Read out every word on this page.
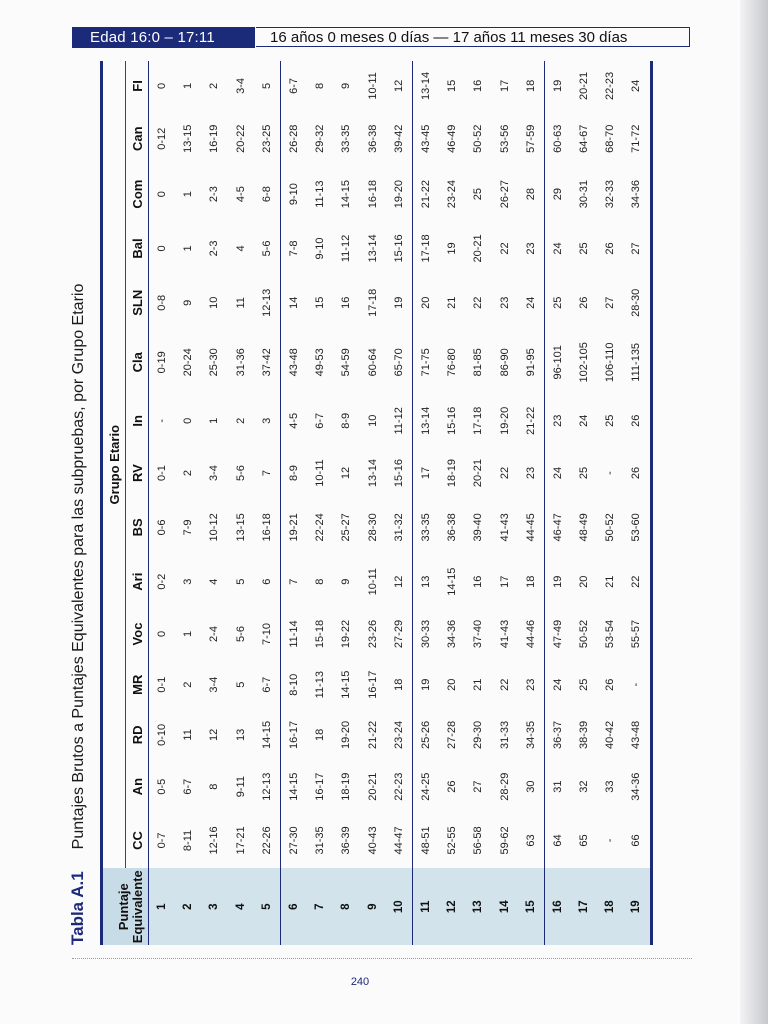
Edad 16:0 – 17:11	16 años 0 meses 0 días — 17 años 11 meses 30 días
Tabla A.1Puntajes Brutos a Puntajes Equivalentes para las subpruebas, por Grupo Etario
Puntaje Equivalente	Grupo Etario														
	CC	An	RD	MR	Voc	Ari	BS	RV	In	Cla	SLN	Bal	Com	Can	FI
1	0-7	0-5	0-10	0-1	0	0-2	0-6	0-1	-	0-19	0-8	0	0	0-12	0
2	8-11	6-7	11	2	1	3	7-9	2	0	20-24	9	1	1	13-15	1
3	12-16	8	12	3-4	2-4	4	10-12	3-4	1	25-30	10	2-3	2-3	16-19	2
4	17-21	9-11	13	5	5-6	5	13-15	5-6	2	31-36	11	4	4-5	20-22	3-4
5	22-26	12-13	14-15	6-7	7-10	6	16-18	7	3	37-42	12-13	5-6	6-8	23-25	5
6	27-30	14-15	16-17	8-10	11-14	7	19-21	8-9	4-5	43-48	14	7-8	9-10	26-28	6-7
7	31-35	16-17	18	11-13	15-18	8	22-24	10-11	6-7	49-53	15	9-10	11-13	29-32	8
8	36-39	18-19	19-20	14-15	19-22	9	25-27	12	8-9	54-59	16	11-12	14-15	33-35	9
9	40-43	20-21	21-22	16-17	23-26	10-11	28-30	13-14	10	60-64	17-18	13-14	16-18	36-38	10-11
10	44-47	22-23	23-24	18	27-29	12	31-32	15-16	11-12	65-70	19	15-16	19-20	39-42	12
11	48-51	24-25	25-26	19	30-33	13	33-35	17	13-14	71-75	20	17-18	21-22	43-45	13-14
12	52-55	26	27-28	20	34-36	14-15	36-38	18-19	15-16	76-80	21	19	23-24	46-49	15
13	56-58	27	29-30	21	37-40	16	39-40	20-21	17-18	81-85	22	20-21	25	50-52	16
14	59-62	28-29	31-33	22	41-43	17	41-43	22	19-20	86-90	23	22	26-27	53-56	17
15	63	30	34-35	23	44-46	18	44-45	23	21-22	91-95	24	23	28	57-59	18
16	64	31	36-37	24	47-49	19	46-47	24	23	96-101	25	24	29	60-63	19
17	65	32	38-39	25	50-52	20	48-49	25	24	102-105	26	25	30-31	64-67	20-21
18	-	33	40-42	26	53-54	21	50-52	-	25	106-110	27	26	32-33	68-70	22-23
19	66	34-36	43-48	-	55-57	22	53-60	26	26	111-135	28-30	27	34-36	71-72	24
240
